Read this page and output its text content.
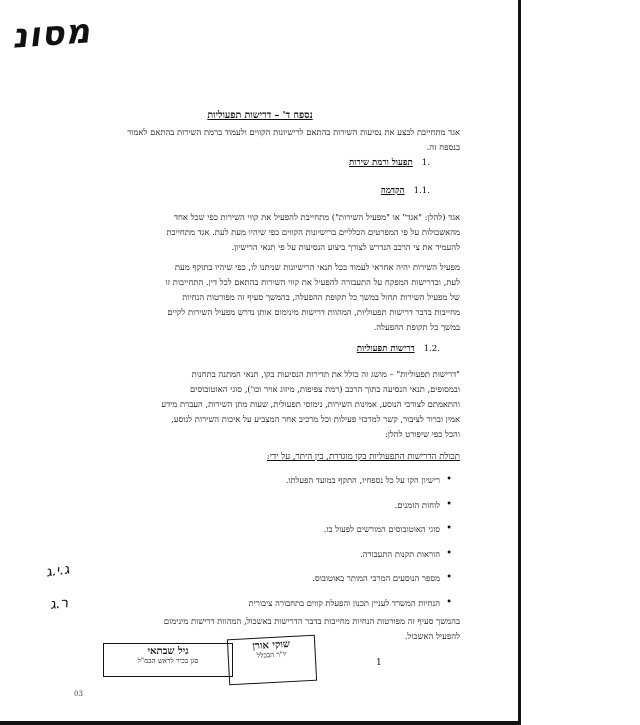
מסונ
נספח ד' – דרישות תפעוליות
אגד מתחייבת לבצע את נסיעות השירות בהתאם לרישיונות הקווים ולעמוד ברמת השירות בהתאם לאמור
בנספח זה.
.1 תפעול ורמת שירות
.1.1 הקדמה
אגד (להלן: "אגד" או "מפעיל השירות") מתחייבת להפעיל את קווי השירות כפי שכל אחד
מהאשכולות על פי המפרטים הכלליים ברישיונות הקווים כפי שיהיו מעת לעת. אגד מתחייבת
להעמיד את צי הרכב הנדרש לצורך ביצוע הנסיעות על פי תנאי הרישיון.
מפעיל השירות יהיה אחראי לעמוד בכל תנאי הרישיונות שניתנו לו, כפי שיהיו בתוקף מעת
לעת, ובדרישות המפקח על התעבורה להפעיל את קווי השירות בהתאם לכל דין. התחייבות זו
של מפעיל השירות תחול במשך כל תקופת ההפעלה, בהמשך סעיף זה מפורטות הנחיות
מחייבות בדבר דרישות תפעוליות, המהוות דרישות מינימום אותן נדרש מפעיל השירות לקיים
במשך כל תקופת ההפעלה.
.1.2 דרישות תפעוליות
"דרישות תפעוליות" – מושג זה כולל את תדירות הנסיעות בקו, תנאי המתנה בתחנות
ובמסופים, תנאי הנסיעה בתוך הרכב (רמת צפיפות, מיזוג אויר וכו'), סוגי האוטובוסים
והתאמתם לצורכי הנוסע, אמינות השירות, נימוסי תפעולית, שעות מתן השירות, העברת מידע
אמין וברור לציבור, קשר למרכזי פעילות וכל מרכיב אחר המצביע על איכות השירות לנוסע,
והכל כפי שיפורט להלן:
תכולת הדרישות התפעוליות בקו מוגדרת, בין היתר, על ידי:
•
רישיון הקו על כל נספחיו, התקף במועד הפעלתו.
•
לוחות הזמנים.
•
סוגי האוטובוסים המורשים לפעול בו.
•
הוראות תקנות התעבורה.
•
מספר הנוסעים המרבי המותר באוטובוס.
•
הנחיות המשרד לעניין תכנון והפעלת קווים בתחבורה ציבורית
בהמשך סעיף זה מפורטות הנחיות מחייבות בדבר הדרישות באשכול, המהוות דרישות מינימום
להפעיל האשכול.
ג.י.ג
ר.ג
גיל שבתאי
סגן בכיר לראש הבמ"ל
שוקי אורן
יו"ר הבכלל
1
03
